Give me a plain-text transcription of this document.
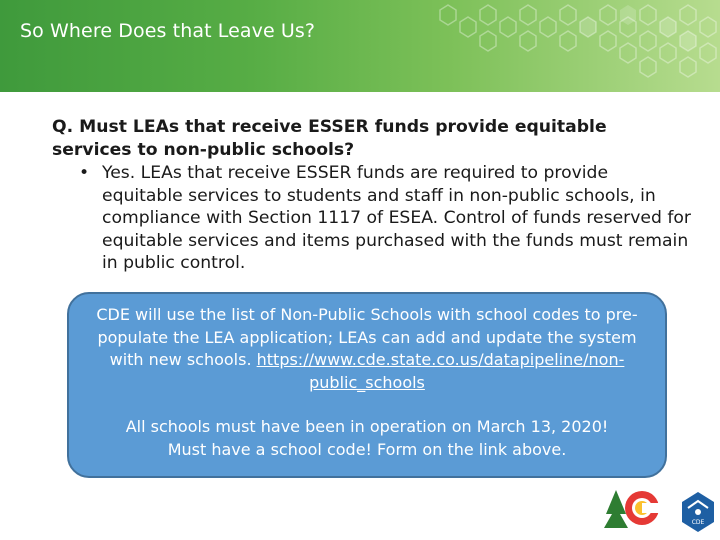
So Where Does that Leave Us?
Q. Must LEAs that receive ESSER funds provide equitable services to non-public schools?
• Yes. LEAs that receive ESSER funds are required to provide equitable services to students and staff in non-public schools, in compliance with Section 1117 of ESEA. Control of funds reserved for equitable services and items purchased with the funds must remain in public control.
CDE will use the list of Non-Public Schools with school codes to pre-populate the LEA application; LEAs can add and update the system with new schools. https://www.cde.state.co.us/datapipeline/non-public_schools
All schools must have been in operation on March 13, 2020!
Must have a school code! Form on the link above.
CDE
